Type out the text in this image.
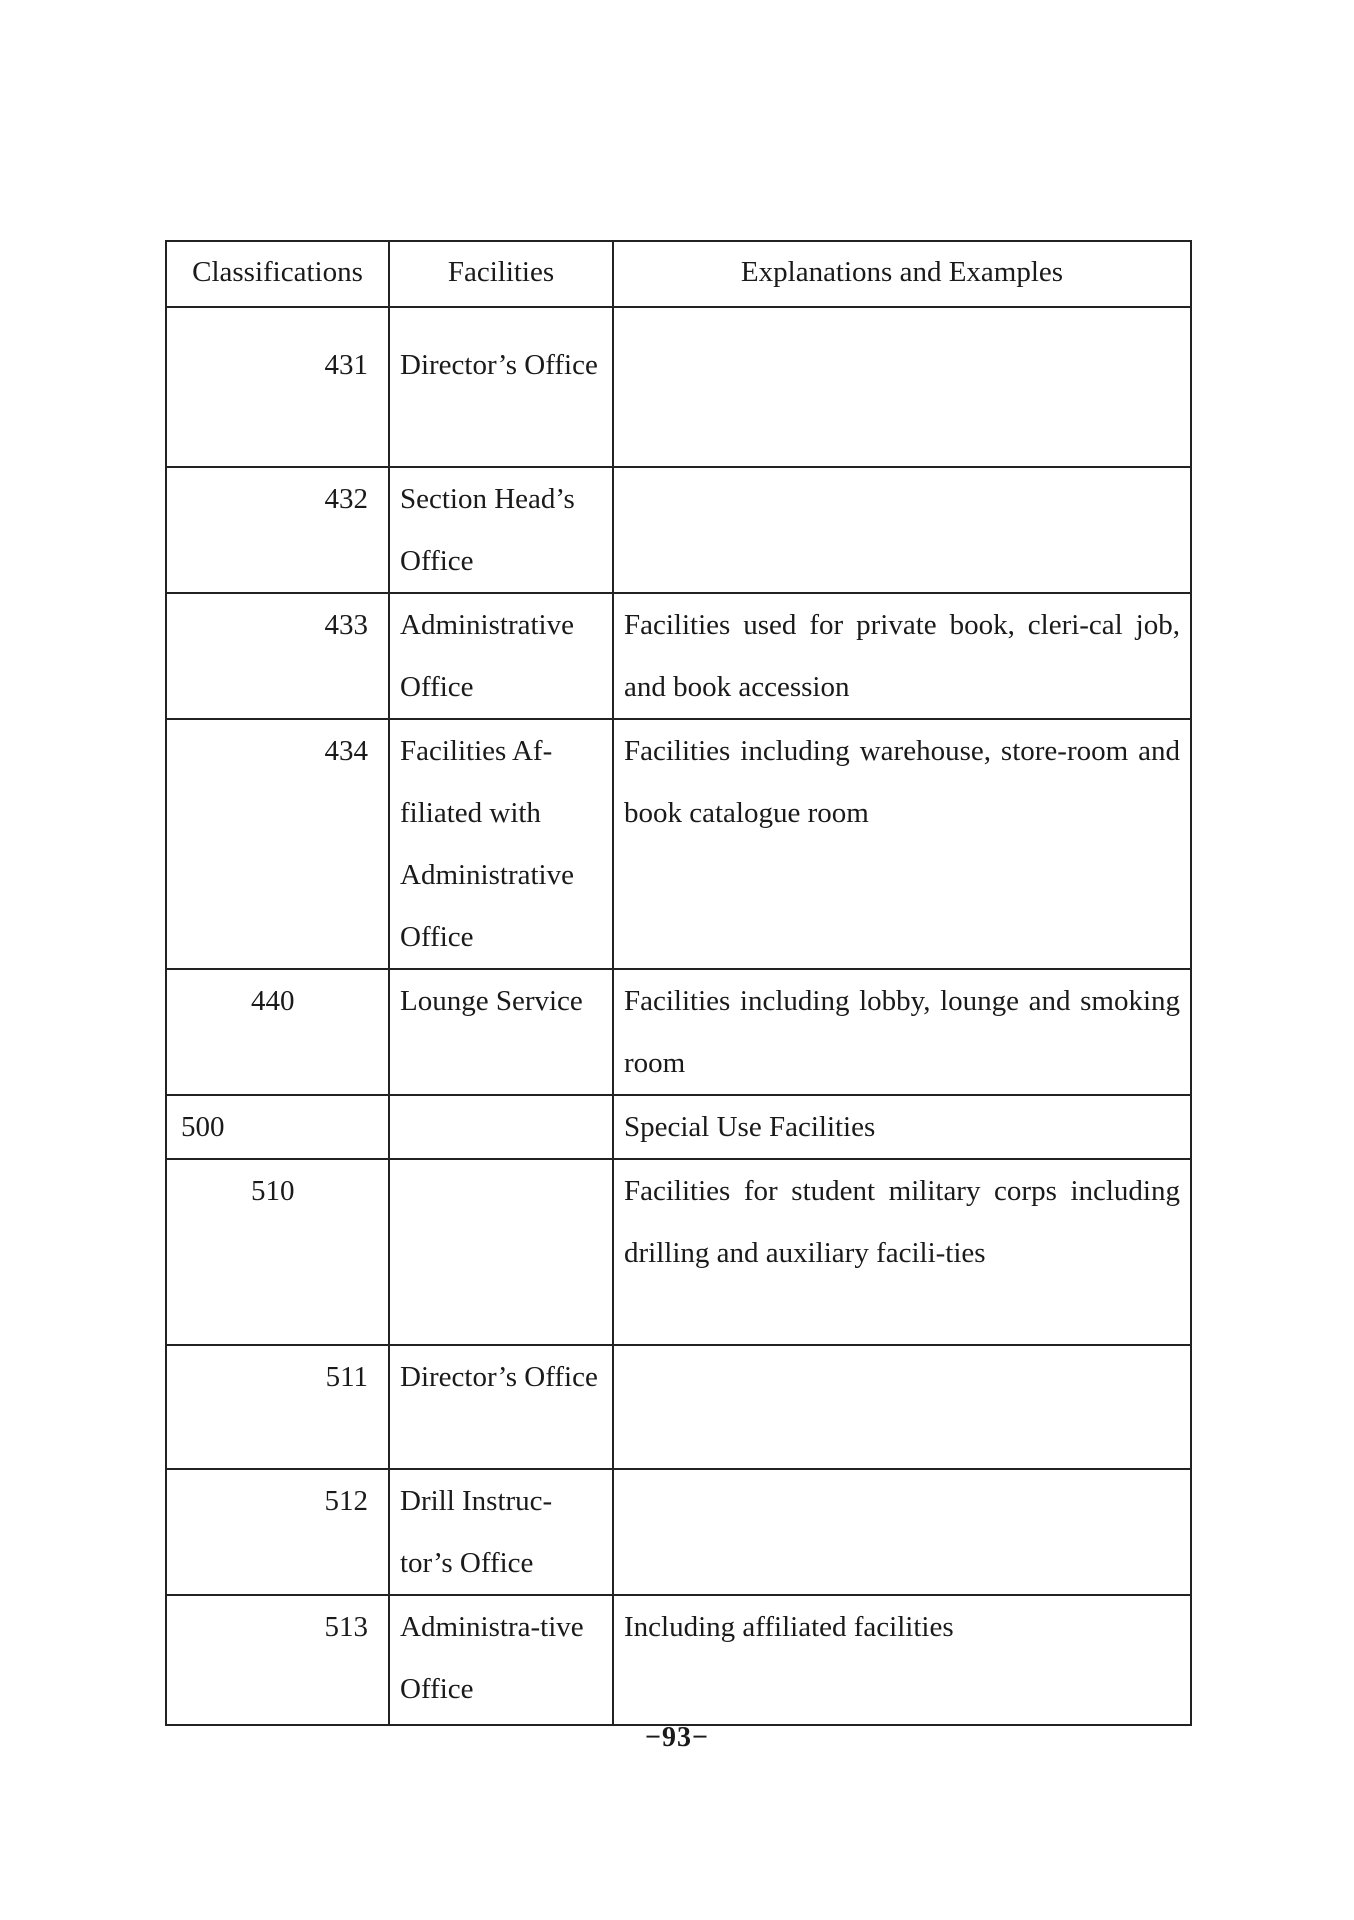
Classifications	Facilities	Explanations and Examples
431	Director’s Office	
432	Section Head’s Office	
433	Administrative Office	Facilities used for private book, cleri-cal job, and book accession
434	Facilities Af-filiated with Administrative Office	Facilities including warehouse, store-room and book catalogue room
440	Lounge Service	Facilities including lobby, lounge and smoking room
500		Special Use Facilities
510		Facilities for student military corps including drilling and auxiliary facili-ties
511	Director’s Office	
512	Drill Instruc-tor’s Office	
513	Administra-tive Office	Including affiliated facilities
−93−
